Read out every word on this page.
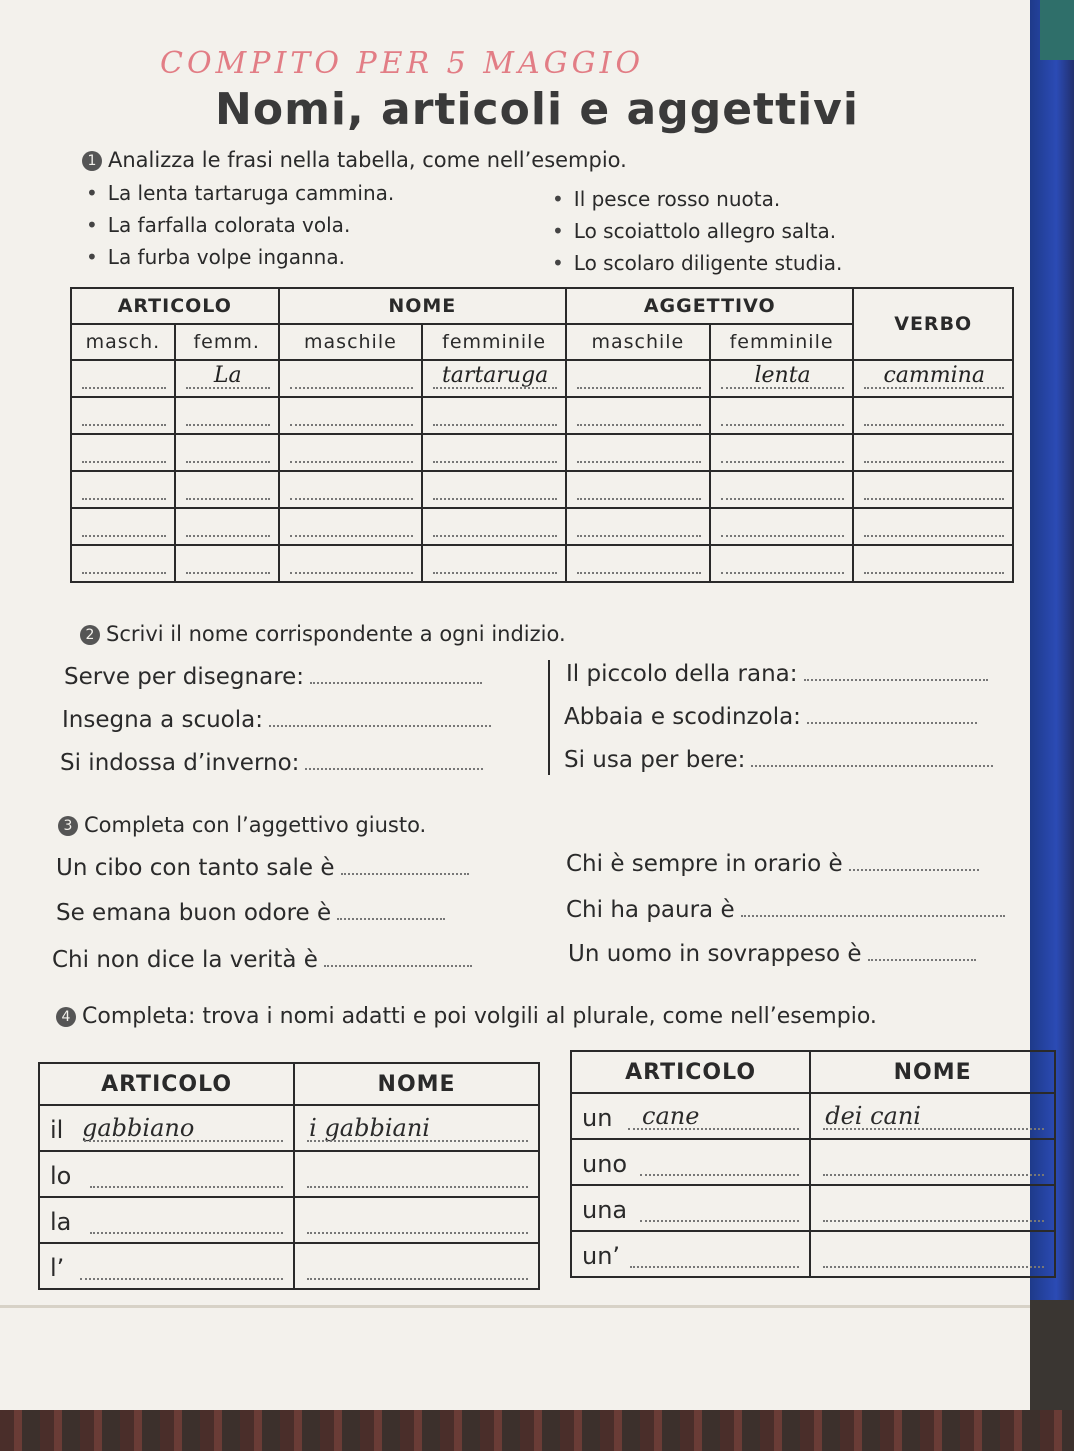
COMPITO PER 5 MAGGIO
Nomi, articoli e aggettivi
1 Analizza le frasi nella tabella, come nell’esempio.
• La lenta tartaruga cammina.
• La farfalla colorata vola.
• La furba volpe inganna.
• Il pesce rosso nuota.
• Lo scoiattolo allegro salta.
• Lo scolaro diligente studia.
ARTICOLO		NOME		AGGETTIVO		VERBO
masch.	femm.	maschile	femminile	maschile	femminile	

	La		tartaruga		lenta	cammina

2 Scrivi il nome corrispondente a ogni indizio.
Serve per disegnare:
Insegna a scuola:
Si indossa d’inverno:
Il piccolo della rana:
Abbaia e scodinzola:
Si usa per bere:
3 Completa con l’aggettivo giusto.
Un cibo con tanto sale è
Se emana buon odore è
Chi non dice la verità è
Chi è sempre in orario è
Chi ha paura è
Un uomo in sovrappeso è
4 Completa: trova i nomi adatti e poi volgili al plurale, come nell’esempio.
ARTICOLO	NOME

il gabbiano	i gabbiani

lo	

la	

l’	

ARTICOLO	NOME

un cane	dei cani

uno	

una	

un’	
